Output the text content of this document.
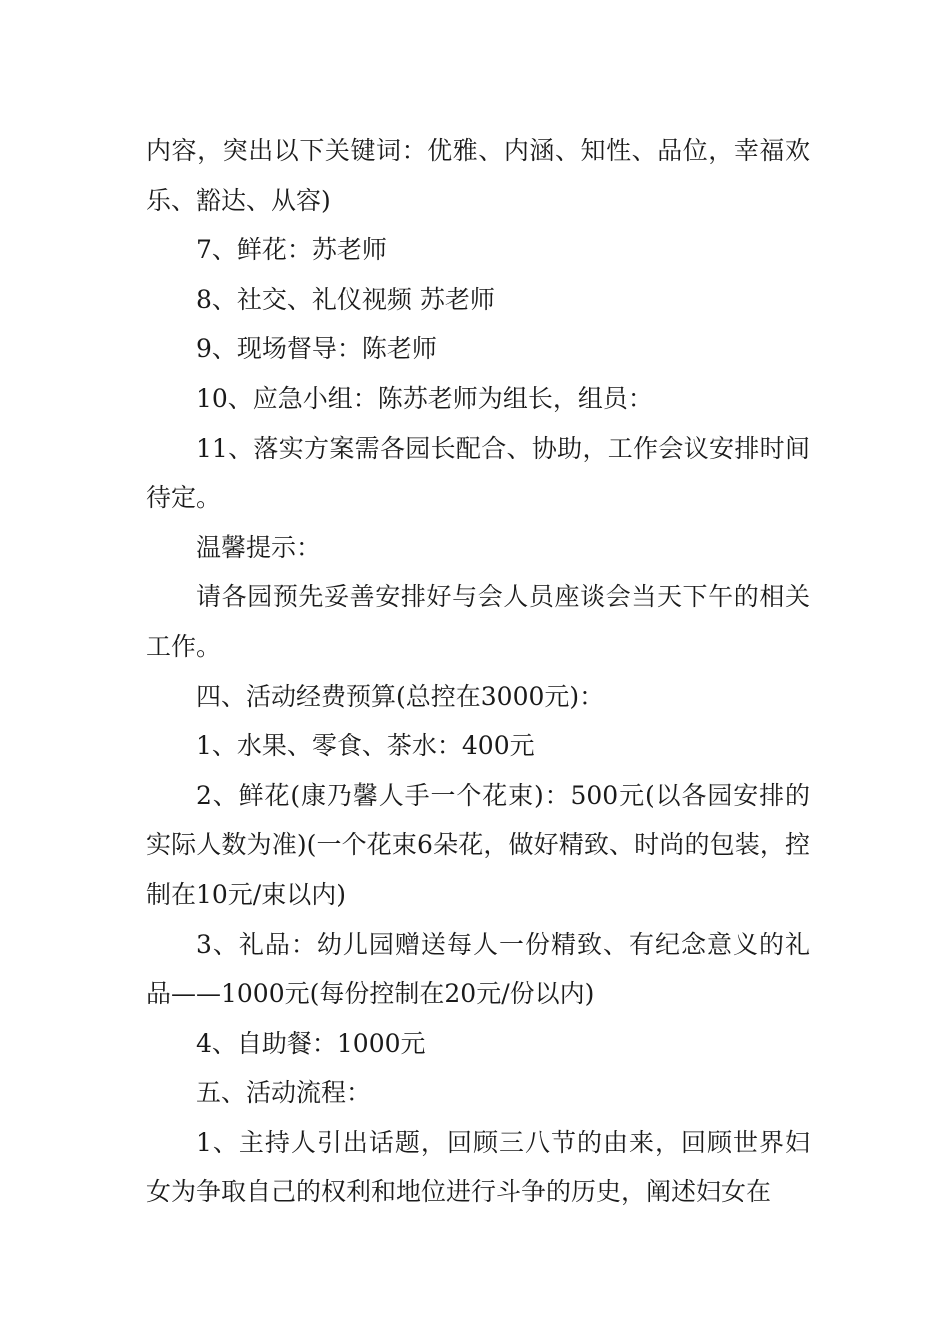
内容，突出以下关键词：优雅、内涵、知性、品位，幸福欢乐、豁达、从容)

7、鲜花：苏老师

8、社交、礼仪视频 苏老师

9、现场督导：陈老师

10、应急小组：陈苏老师为组长，组员：

11、落实方案需各园长配合、协助，工作会议安排时间待定。

温馨提示：

请各园预先妥善安排好与会人员座谈会当天下午的相关工作。

四、活动经费预算(总控在3000元)：

1、水果、零食、茶水：400元

2、鲜花(康乃馨人手一个花束)：500元(以各园安排的实际人数为准)(一个花束6朵花，做好精致、时尚的包装，控制在10元/束以内)

3、礼品：幼儿园赠送每人一份精致、有纪念意义的礼品——1000元(每份控制在20元/份以内)

4、自助餐：1000元

五、活动流程：

1、主持人引出话题，回顾三八节的由来，回顾世界妇女为争取自己的权利和地位进行斗争的历史，阐述妇女在
